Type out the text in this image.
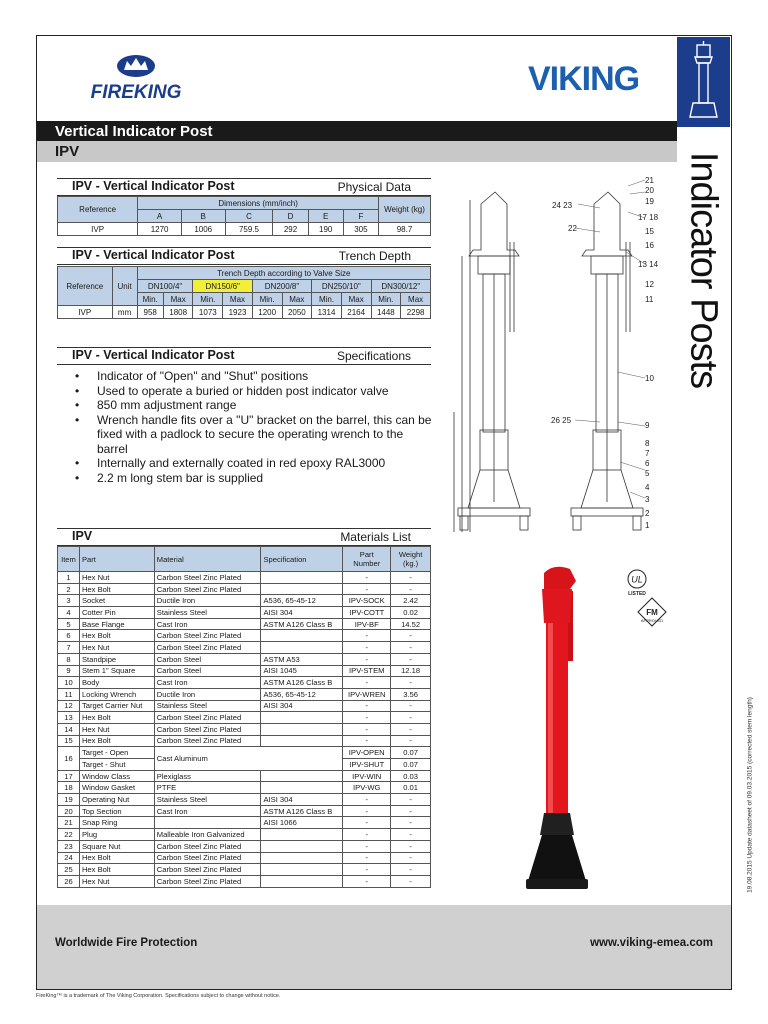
FIREKING	VIKING
Indicator Posts
19.08.2015 Update datasheet of 09.03.2015 (corrected stem length)
Vertical Indicator Post
IPV
IPV - Vertical Indicator Post	Physical Data
Reference	Dimensions (mm/inch)						Weight (kg)
	A	B	C	D	E	F	
IVP	1270	1006	759.5	292	190	305	98.7
IPV - Vertical Indicator Post	Trench Depth
Reference	Unit	Trench Depth according to Valve Size									
		DN100/4"		DN150/6"		DN200/8"		DN250/10"		DN300/12"	
		Min.	Max	Min.	Max	Min.	Max	Min.	Max	Min.	Max
IVP	mm	958	1808	1073	1923	1200	2050	1314	2164	1448	2298
IPV - Vertical Indicator Post	Specifications
• Indicator of "Open" and "Shut" positions
• Used to operate a buried or hidden post indicator valve
• 850 mm adjustment range
• Wrench handle fits over a "U" bracket on the barrel, this can be fixed with a padlock to secure the operating wrench to the barrel
• Internally and externally coated in red epoxy RAL3000
• 2.2 m long stem bar is supplied
IPV	Materials List
Item	Part	Material	Specification	Part Number	Weight (kg.)
1	Hex Nut	Carbon Steel Zinc Plated		-	-
2	Hex Bolt	Carbon Steel Zinc Plated		-	-
3	Socket	Ductile Iron	A536, 65-45-12	IPV-SOCK	2.42
4	Cotter Pin	Stainless Steel	AISI 304	IPV-COTT	0.02
5	Base Flange	Cast Iron	ASTM A126 Class B	IPV-BF	14.52
6	Hex Bolt	Carbon Steel Zinc Plated		-	-
7	Hex Nut	Carbon Steel Zinc Plated		-	-
8	Standpipe	Carbon Steel	ASTM A53	-	-
9	Stem 1" Square	Carbon Steel	AISI 1045	IPV-STEM	12.18
10	Body	Cast Iron	ASTM A126 Class B	-	-
11	Locking Wrench	Ductile Iron	A536, 65-45-12	IPV-WREN	3.56
12	Target Carrier Nut	Stainless Steel	AISI 304	-	-
13	Hex Bolt	Carbon Steel Zinc Plated		-	-
14	Hex Nut	Carbon Steel Zinc Plated		-	-
15	Hex Bolt	Carbon Steel Zinc Plated		-	-
16	Target - Open	Cast Aluminum		IPV-OPEN	0.07
	Target - Shut			IPV-SHUT	0.07
17	Window Class	Plexiglass		IPV-WIN	0.03
18	Window Gasket	PTFE		IPV-WG	0.01
19	Operating Nut	Stainless Steel	AISI 304	-	-
20	Top Section	Cast Iron	ASTM A126 Class B	-	-
21	Snap Ring		AISI 1066	-	-
22	Plug	Malleable Iron Galvanized		-	-
23	Square Nut	Carbon Steel Zinc Plated		-	-
24	Hex Bolt	Carbon Steel Zinc Plated		-	-
25	Hex Bolt	Carbon Steel Zinc Plated		-	-
26	Hex Nut	Carbon Steel Zinc Plated		-	-
21
20
19
17 18
15
16
13 14
12
11
10
9
8
7
6
5
4
3
2
1
24 23
22
26 25
UL
LISTED
FM
APPROVED
Worldwide Fire Protection	www.viking-emea.com
FireKing™ is a trademark of The Viking Corporation. Specifications subject to change without notice.
